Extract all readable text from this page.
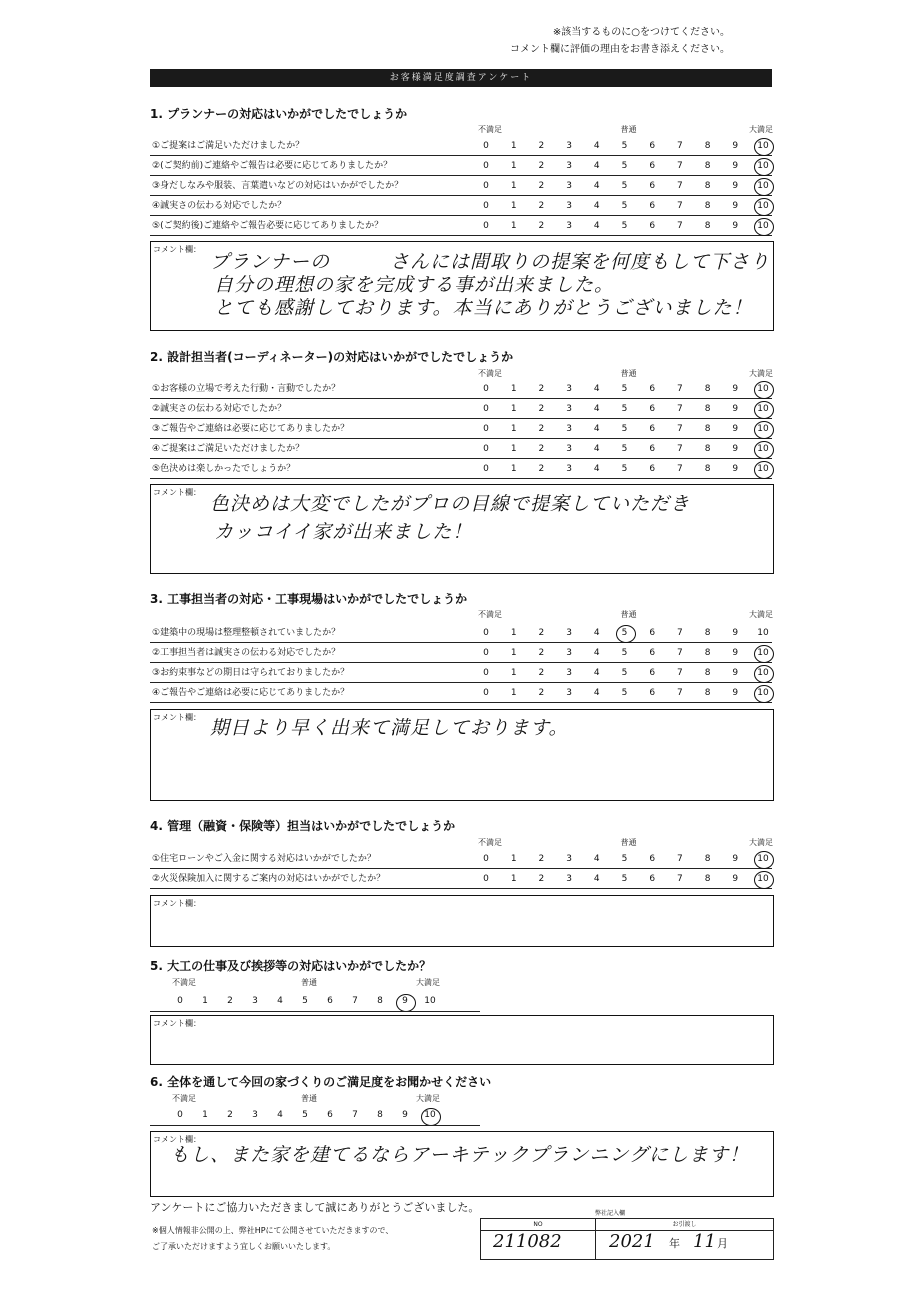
※該当するものに○をつけてください。
コメント欄に評価の理由をお書き添えください。
お客様満足度調査アンケート
1. プランナーの対応はいかがでしたでしょうか
不満足	普通	大満足
①ご提案はご満足いただけましたか？	0	1	2	3	4	5	6	7	8	9	10
②(ご契約前)ご連絡やご報告は必要に応じてありましたか？	0	1	2	3	4	5	6	7	8	9	10
③身だしなみや服装、言葉遣いなどの対応はいかがでしたか？	0	1	2	3	4	5	6	7	8	9	10
④誠実さの伝わる対応でしたか？	0	1	2	3	4	5	6	7	8	9	10
⑤(ご契約後)ご連絡やご報告必要に応じてありましたか？	0	1	2	3	4	5	6	7	8	9	10
コメント欄：
プランナーの　　　さんには間取りの提案を何度もして下さり
自分の理想の家を完成する事が出来ました。
とても感謝しております。本当にありがとうございました！
2. 設計担当者(コーディネーター)の対応はいかがでしたでしょうか
不満足	普通	大満足
①お客様の立場で考えた行動・言動でしたか？	0	1	2	3	4	5	6	7	8	9	10
②誠実さの伝わる対応でしたか？	0	1	2	3	4	5	6	7	8	9	10
③ご報告やご連絡は必要に応じてありましたか？	0	1	2	3	4	5	6	7	8	9	10
④ご提案はご満足いただけましたか？	0	1	2	3	4	5	6	7	8	9	10
⑤色決めは楽しかったでしょうか？	0	1	2	3	4	5	6	7	8	9	10
コメント欄：
色決めは大変でしたがプロの目線で提案していただき
カッコイイ家が出来ました！
3. 工事担当者の対応・工事現場はいかがでしたでしょうか
不満足	普通	大満足
①建築中の現場は整理整頓されていましたか？	0	1	2	3	4	5	6	7	8	9	10
②工事担当者は誠実さの伝わる対応でしたか？	0	1	2	3	4	5	6	7	8	9	10
③お約束事などの期日は守られておりましたか？	0	1	2	3	4	5	6	7	8	9	10
④ご報告やご連絡は必要に応じてありましたか？	0	1	2	3	4	5	6	7	8	9	10
コメント欄： 期日より早く出来て満足しております。
4. 管理（融資・保険等）担当はいかがでしたでしょうか
不満足	普通	大満足
①住宅ローンやご入金に関する対応はいかがでしたか？	0	1	2	3	4	5	6	7	8	9	10
②火災保険加入に関するご案内の対応はいかがでしたか？	0	1	2	3	4	5	6	7	8	9	10
コメント欄：
5. 大工の仕事及び挨拶等の対応はいかがでしたか？
不満足	普通	大満足
0	1	2	3	4	5	6	7	8	9	10
コメント欄：
6. 全体を通して今回の家づくりのご満足度をお聞かせください
不満足	普通	大満足
0	1	2	3	4	5	6	7	8	9	10
コメント欄：
もし、また家を建てるならアーキテックプランニングにします！
アンケートにご協力いただきまして誠にありがとうございました。
※個人情報非公開の上、弊社HPにて公開させていただきますので、
ご了承いただけますよう宜しくお願いいたします。
弊社記入欄
NO	お引渡し
211082	2021 年 11 月
